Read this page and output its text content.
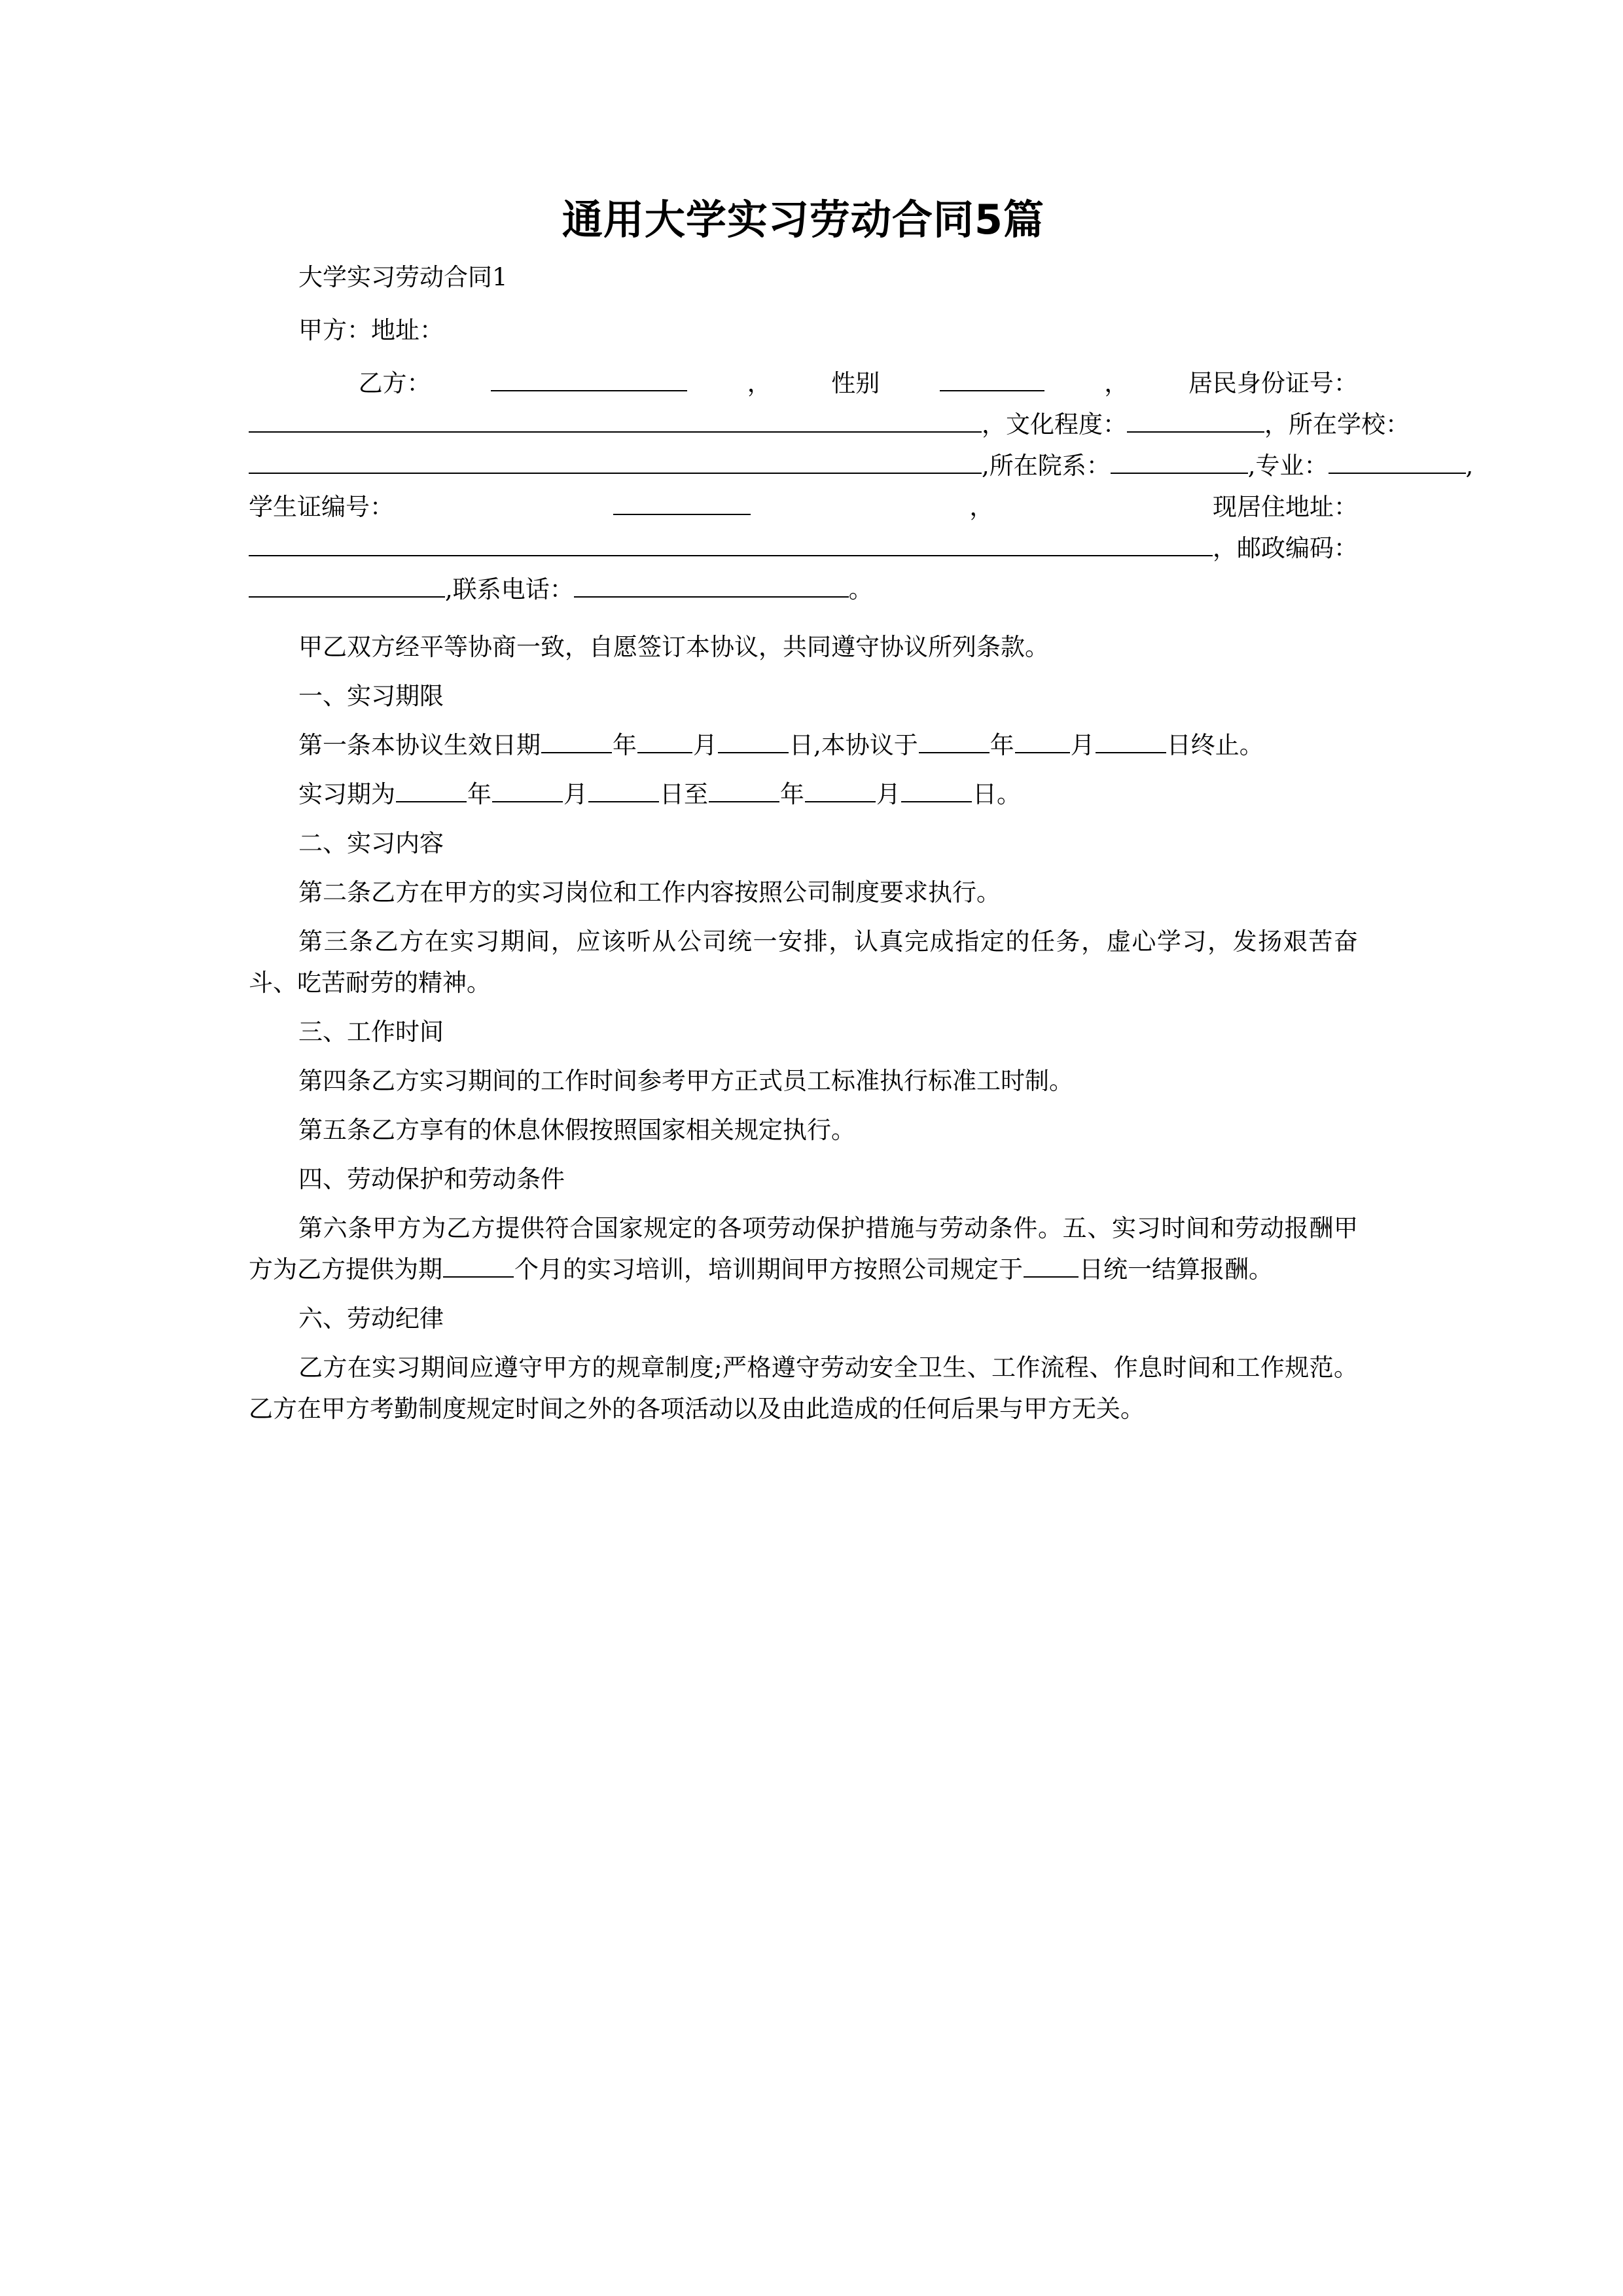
通用大学实习劳动合同5篇

大学实习劳动合同1

甲方：地址：

乙方：	， 性别	， 居民身份证号：
， 文化程度：	， 所在学校：
, 所在院系：	, 专业：	,
学生证编号：	，	现居住地址：
， 邮政编码：
, 联系电话：	。

甲乙双方经平等协商一致，自愿签订本协议，共同遵守协议所列条款。

一、实习期限

第一条本协议生效日期	年 月	日,本协议于	年 月	日终止。

实习期为	年	月	日至	年	月	日。

二、实习内容

第二条乙方在甲方的实习岗位和工作内容按照公司制度要求执行。

第三条乙方在实习期间，应该听从公司统一安排，认真完成指定的任务，虚心学习，发扬艰苦奋斗、吃苦耐劳的精神。

三、工作时间

第四条乙方实习期间的工作时间参考甲方正式员工标准执行标准工时制。

第五条乙方享有的休息休假按照国家相关规定执行。

四、劳动保护和劳动条件

第六条甲方为乙方提供符合国家规定的各项劳动保护措施与劳动条件。五、实习时间和劳动报酬甲方为乙方提供为期	个月的实习培训，培训期间甲方按照公司规定于 日统一结算报酬。

六、劳动纪律

乙方在实习期间应遵守甲方的规章制度;严格遵守劳动安全卫生、工作流程、作息时间和工作规范。乙方在甲方考勤制度规定时间之外的各项活动以及由此造成的任何后果与甲方无关。
